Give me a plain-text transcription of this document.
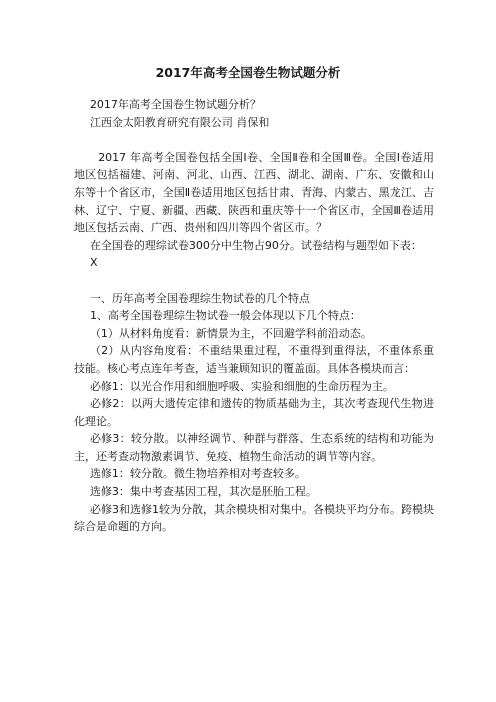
2017年高考全国卷生物试题分析

2017年高考全国卷生物试题分析？

江西金太阳教育研究有限公司 肖保和

2017 年高考全国卷包括全国Ⅰ卷、全国Ⅱ卷和全国Ⅲ卷。全国Ⅰ卷适用地区包括福建、河南、河北、山西、江西、湖北、湖南、广东、安徽和山东等十个省区市，全国Ⅱ卷适用地区包括甘肃、青海、内蒙古、黑龙江、吉林、辽宁、宁夏、新疆、西藏、陕西和重庆等十一个省区市，全国Ⅲ卷适用地区包括云南、广西、贵州和四川等四个省区市。？

在全国卷的理综试卷300分中生物占90分。试卷结构与题型如下表：

X

一、历年高考全国卷理综生物试卷的几个特点

1、高考全国卷理综生物试卷一般会体现以下几个特点：

（1）从材料角度看：新情景为主，不回避学科前沿动态。

（2）从内容角度看：不重结果重过程，不重得到重得法，不重体系重技能。核心考点连年考查，适当兼顾知识的覆盖面。具体各模块而言：

必修1：以光合作用和细胞呼吸、实验和细胞的生命历程为主。

必修2：以两大遗传定律和遗传的物质基础为主，其次考查现代生物进化理论。

必修3：较分散。以神经调节、种群与群落、生态系统的结构和功能为主，还考查动物激素调节、免疫、植物生命活动的调节等内容。

选修1：较分散。微生物培养相对考查较多。

选修3：集中考查基因工程，其次是胚胎工程。

必修3和选修1较为分散，其余模块相对集中。各模块平均分布。跨模块综合是命题的方向。
